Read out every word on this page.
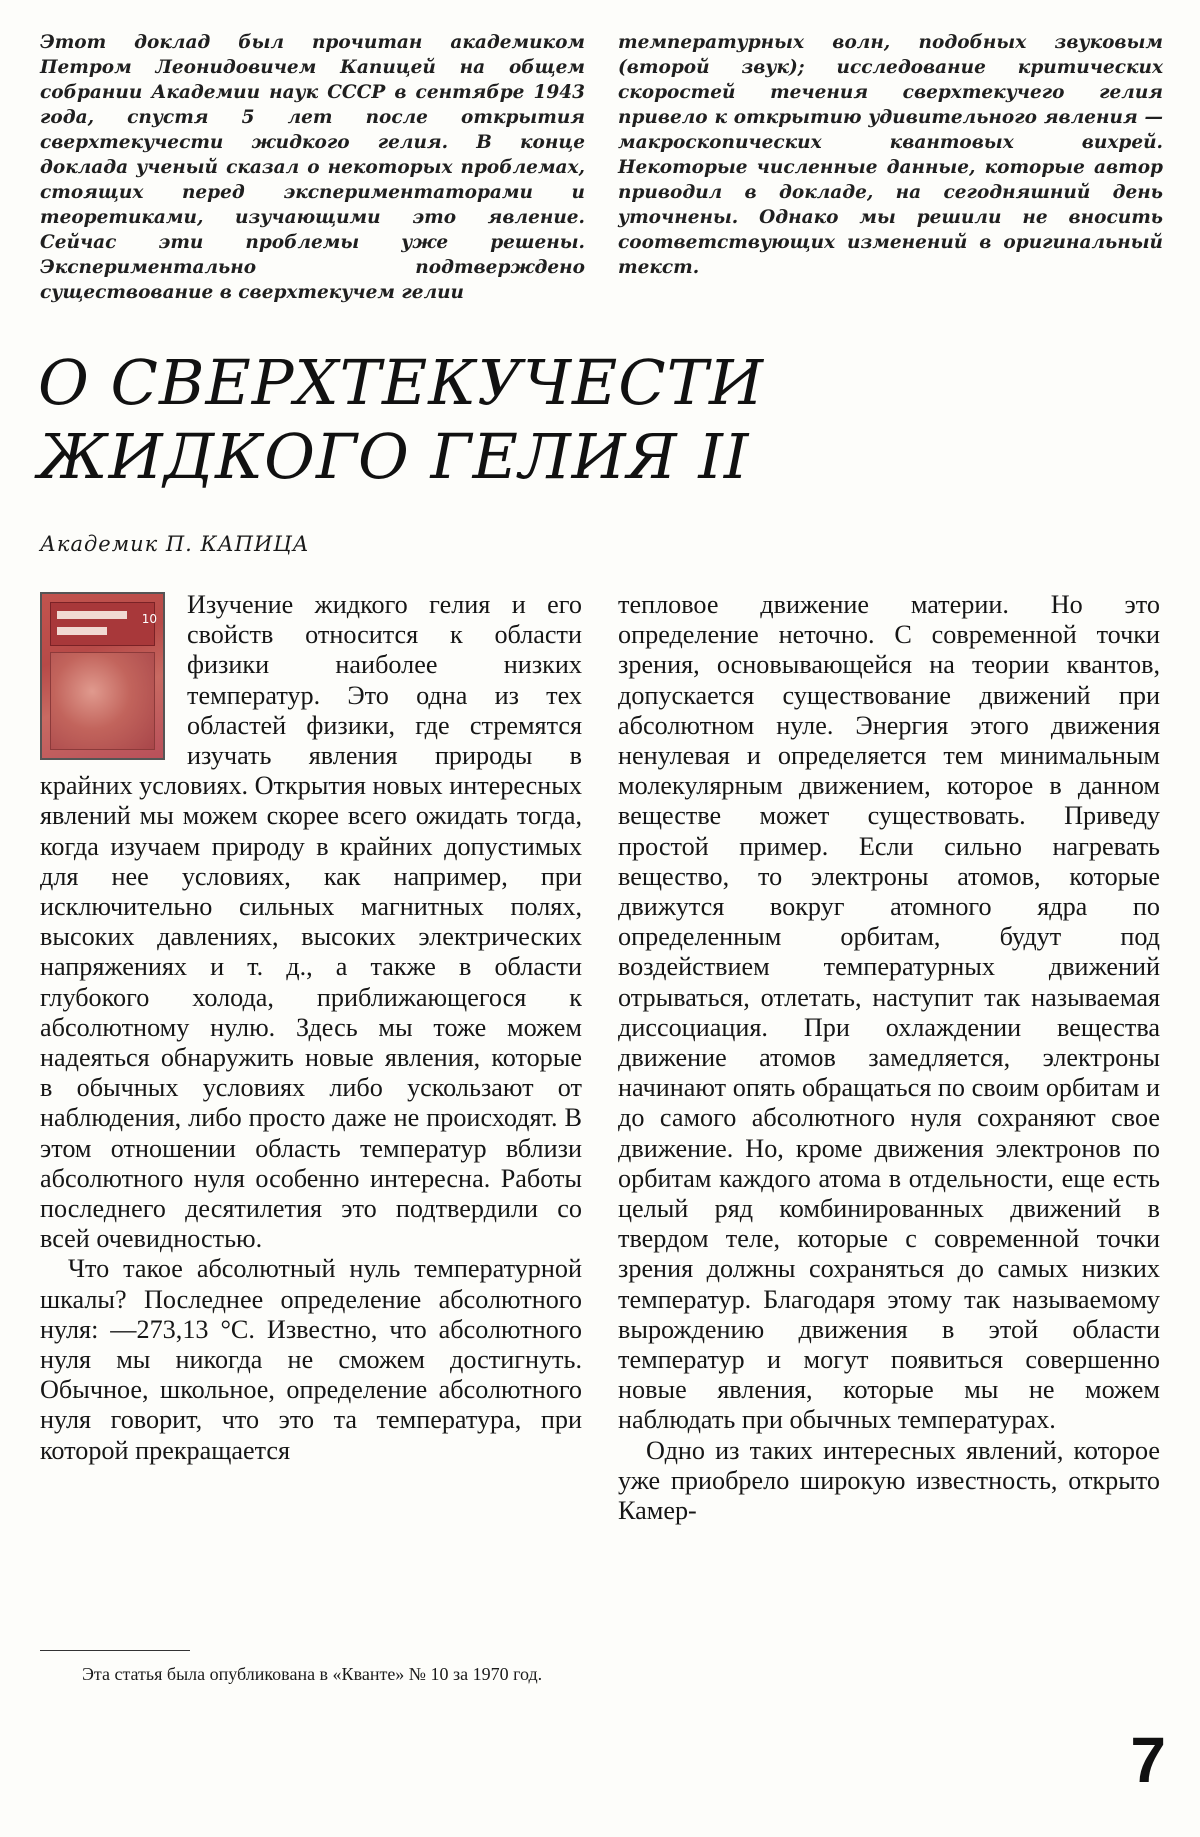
Этот доклад был прочитан академиком Петром Леонидовичем Капицей на общем собрании Академии наук СССР в сентябре 1943 года, спустя 5 лет после открытия сверхтекучести жидкого гелия. В конце доклада ученый сказал о некоторых проблемах, стоящих перед экспериментаторами и теоретиками, изучающими это явление. Сейчас эти проблемы уже решены. Экспериментально подтверждено существование в сверхтекучем гелии

температурных волн, подобных звуковым (второй звук); исследование критических скоростей течения сверхтекучего гелия привело к открытию удивительного явления — макроскопических квантовых вихрей. Некоторые численные данные, которые автор приводил в докладе, на сегодняшний день уточнены. Однако мы решили не вносить соответствующих изменений в оригинальный текст.

О СВЕРХТЕКУЧЕСТИ
ЖИДКОГО ГЕЛИЯ II

Академик П. КАПИЦА

10	Изучение жидкого гелия и его свойств относится к области физики наиболее низких температур. Это одна из тех областей физики, где стремятся изучать явления природы в крайних условиях. Открытия новых интересных явлений мы можем скорее всего ожидать тогда, когда изучаем природу в крайних допустимых для нее условиях, как например, при исключительно сильных магнитных полях, высоких давлениях, высоких электрических напряжениях и т. д., а также в области глубокого холода, приближающегося к абсолютному нулю. Здесь мы тоже можем надеяться обнаружить новые явления, которые в обычных условиях либо ускользают от наблюдения, либо просто даже не происходят. В этом отношении область температур вблизи абсолютного нуля особенно интересна. Работы последнего десятилетия это подтвердили со всей очевидностью.

Что такое абсолютный нуль температурной шкалы? Последнее определение абсолютного нуля: —273,13 °С. Известно, что абсолютного нуля мы никогда не сможем достигнуть. Обычное, школьное, определение абсолютного нуля говорит, что это та температура, при которой прекращается

тепловое движение материи. Но это определение неточно. С современной точки зрения, основывающейся на теории квантов, допускается существование движений при абсолютном нуле. Энергия этого движения ненулевая и определяется тем минимальным молекулярным движением, которое в данном веществе может существовать. Приведу простой пример. Если сильно нагревать вещество, то электроны атомов, которые движутся вокруг атомного ядра по определенным орбитам, будут под воздействием температурных движений отрываться, отлетать, наступит так называемая диссоциация. При охлаждении вещества движение атомов замедляется, электроны начинают опять обращаться по своим орбитам и до самого абсолютного нуля сохраняют свое движение. Но, кроме движения электронов по орбитам каждого атома в отдельности, еще есть целый ряд комбинированных движений в твердом теле, которые с современной точки зрения должны сохраняться до самых низких температур. Благодаря этому так называемому вырождению движения в этой области температур и могут появиться совершенно новые явления, которые мы не можем наблюдать при обычных температурах.

Одно из таких интересных явлений, которое уже приобрело широкую известность, открыто Камер-

Эта статья была опубликована в «Кванте» № 10 за 1970 год.

7
